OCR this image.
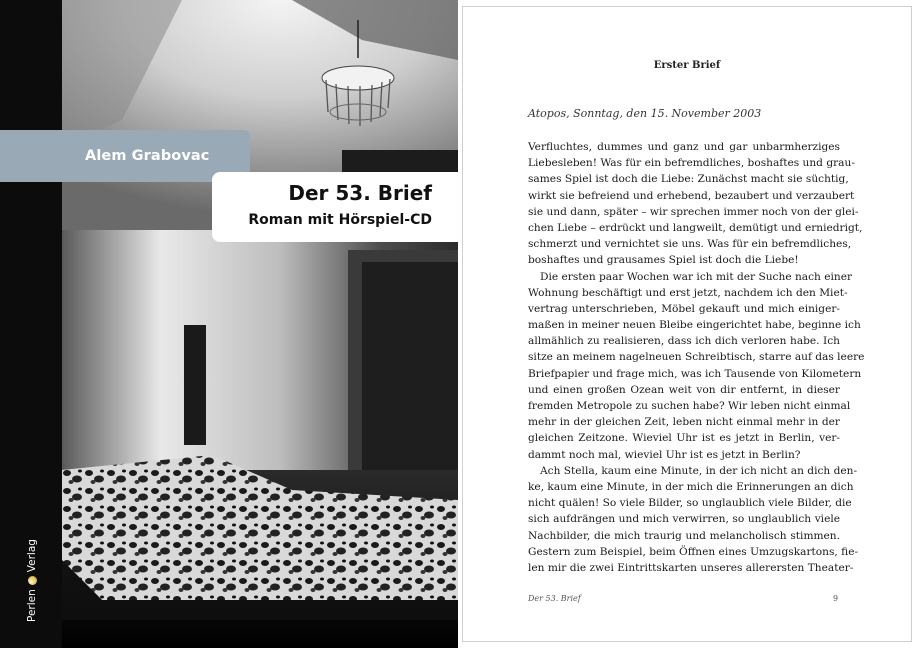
Alem Grabovac
Der 53. Brief
Roman mit Hörspiel-CD
Perlen
Verlag
Erster Brief
Atopos, Sonntag, den 15. November 2003
Verfluchtes, dummes und ganz und gar unbarmherziges
Liebesleben! Was für ein befremdliches, boshaftes und grau-
sames Spiel ist doch die Liebe: Zunächst macht sie süchtig,
wirkt sie befreiend und erhebend, bezaubert und verzaubert
sie und dann, später – wir sprechen immer noch von der glei-
chen Liebe – erdrückt und langweilt, demütigt und erniedrigt,
schmerzt und vernichtet sie uns. Was für ein befremdliches,
boshaftes und grausames Spiel ist doch die Liebe!
Die ersten paar Wochen war ich mit der Suche nach einer
Wohnung beschäftigt und erst jetzt, nachdem ich den Miet-
vertrag unterschrieben, Möbel gekauft und mich einiger-
maßen in meiner neuen Bleibe eingerichtet habe, beginne ich
allmählich zu realisieren, dass ich dich verloren habe. Ich
sitze an meinem nagelneuen Schreibtisch, starre auf das leere
Briefpapier und frage mich, was ich Tausende von Kilometern
und einen großen Ozean weit von dir entfernt, in dieser
fremden Metropole zu suchen habe? Wir leben nicht einmal
mehr in der gleichen Zeit, leben nicht einmal mehr in der
gleichen Zeitzone. Wieviel Uhr ist es jetzt in Berlin, ver-
dammt noch mal, wieviel Uhr ist es jetzt in Berlin?
Ach Stella, kaum eine Minute, in der ich nicht an dich den-
ke, kaum eine Minute, in der mich die Erinnerungen an dich
nicht quälen! So viele Bilder, so unglaublich viele Bilder, die
sich aufdrängen und mich verwirren, so unglaublich viele
Nachbilder, die mich traurig und melancholisch stimmen.
Gestern zum Beispiel, beim Öffnen eines Umzugskartons, fie-
len mir die zwei Eintrittskarten unseres allerersten Theater-
Der 53. Brief	9
